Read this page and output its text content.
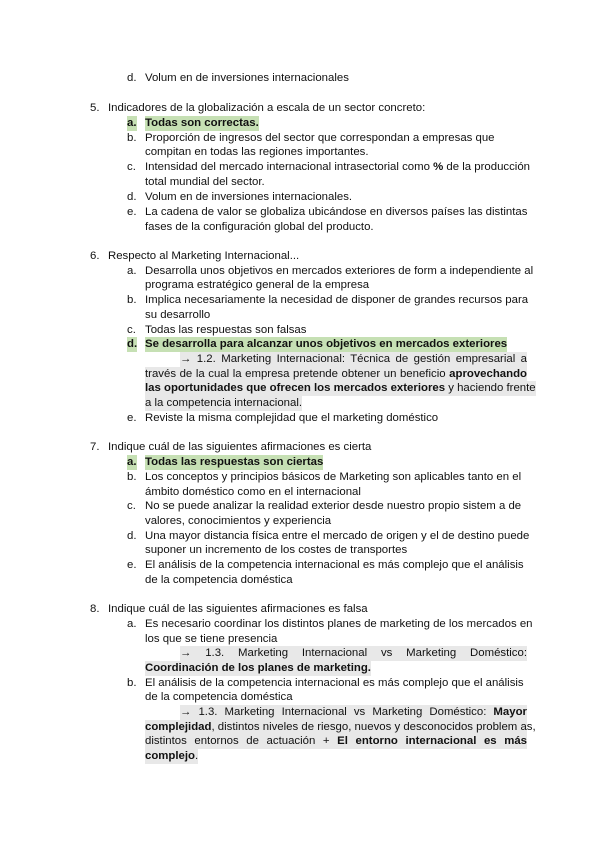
d. Volum en de inversiones internacionales
5. Indicadores de la globalización a escala de un sector concreto:
a. Todas son correctas.
b. Proporción de ingresos del sector que correspondan a empresas que
compitan en todas las regiones importantes.
c. Intensidad del mercado internacional intrasectorial como % de la producción
total mundial del sector.
d. Volum en de inversiones internacionales.
e. La cadena de valor se globaliza ubicándose en diversos países las distintas
fases de la configuración global del producto.
6. Respecto al Marketing Internacional...
a. Desarrolla unos objetivos en mercados exteriores de form a independiente al
programa estratégico general de la empresa
b. Implica necesariamente la necesidad de disponer de grandes recursos para
su desarrollo
c. Todas las respuestas son falsas
d. Se desarrolla para alcanzar unos objetivos en mercados exteriores
→ 1.2. Marketing Internacional: Técnica de gestión empresarial a
través de la cual la empresa pretende obtener un beneficio aprovechando
las oportunidades que ofrecen los mercados exteriores y haciendo frente
a la competencia internacional.
e. Reviste la misma complejidad que el marketing doméstico
7. Indique cuál de las siguientes afirmaciones es cierta
a. Todas las respuestas son ciertas
b. Los conceptos y principios básicos de Marketing son aplicables tanto en el
ámbito doméstico como en el internacional
c. No se puede analizar la realidad exterior desde nuestro propio sistem a de
valores, conocimientos y experiencia
d. Una mayor distancia física entre el mercado de origen y el de destino puede
suponer un incremento de los costes de transportes
e. El análisis de la competencia internacional es más complejo que el análisis
de la competencia doméstica
8. Indique cuál de las siguientes afirmaciones es falsa
a. Es necesario coordinar los distintos planes de marketing de los mercados en
los que se tiene presencia
→ 1.3. Marketing Internacional vs Marketing Doméstico:
Coordinación de los planes de marketing.
b. El análisis de la competencia internacional es más complejo que el análisis
de la competencia doméstica
→ 1.3. Marketing Internacional vs Marketing Doméstico: Mayor
complejidad, distintos niveles de riesgo, nuevos y desconocidos problem as,
distintos entornos de actuación + El entorno internacional es más
complejo.
